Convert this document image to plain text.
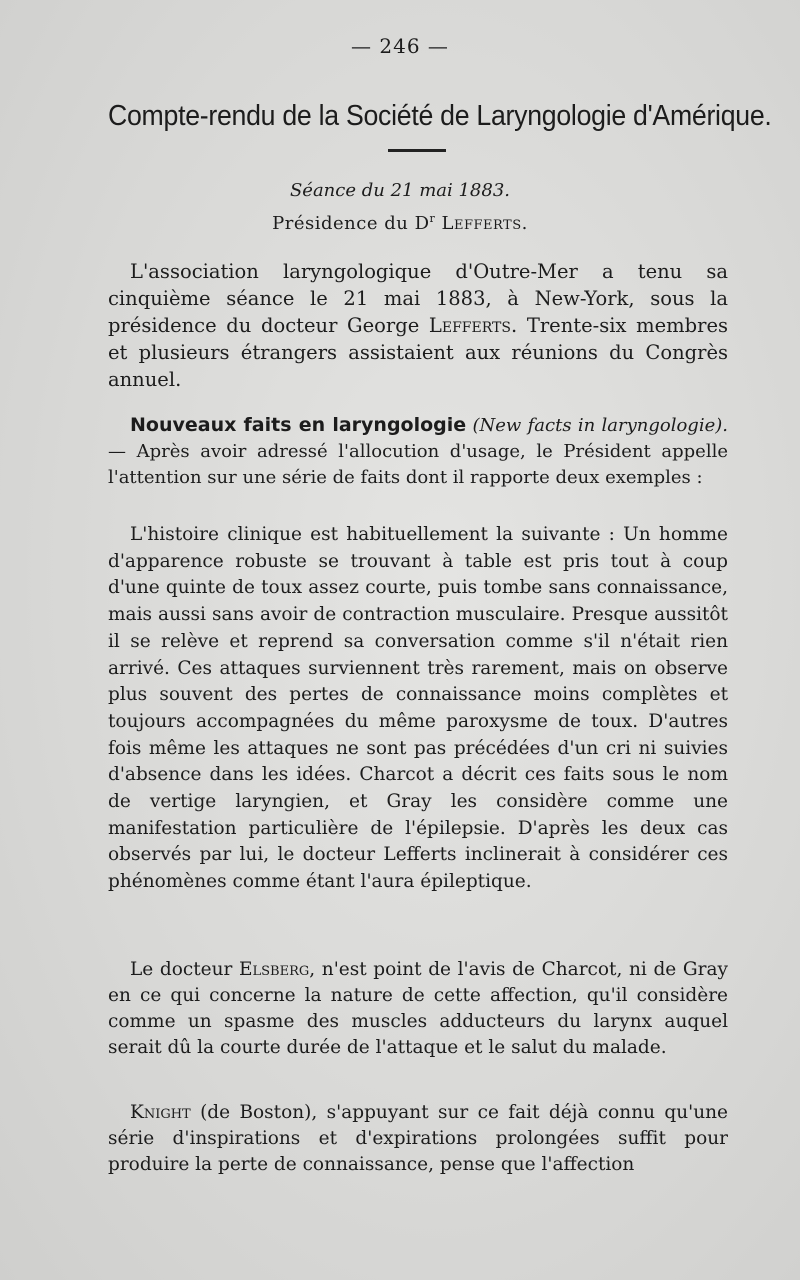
— 246 —
Compte-rendu de la Société de Laryngologie d'Amérique.
Séance du 21 mai 1883.
Présidence du $D^r$ Lefferts.
L'association laryngologique d'Outre-Mer a tenu sa cinquième séance le 21 mai 1883, à New-York, sous la présidence du docteur George Lefferts. Trente-six membres et plusieurs étrangers assistaient aux réunions du Congrès annuel.
Nouveaux faits en laryngologie (New facts in laryngologie). — Après avoir adressé l'allocution d'usage, le Président appelle l'attention sur une série de faits dont il rapporte deux exemples :
L'histoire clinique est habituellement la suivante : Un homme d'apparence robuste se trouvant à table est pris tout à coup d'une quinte de toux assez courte, puis tombe sans connaissance, mais aussi sans avoir de contraction musculaire. Presque aussitôt il se relève et reprend sa conversation comme s'il n'était rien arrivé. Ces attaques surviennent très rarement, mais on observe plus souvent des pertes de connaissance moins complètes et toujours accompagnées du même paroxysme de toux. D'autres fois même les attaques ne sont pas précédées d'un cri ni suivies d'absence dans les idées. Charcot a décrit ces faits sous le nom de vertige laryngien, et Gray les considère comme une manifestation particulière de l'épilepsie. D'après les deux cas observés par lui, le docteur Lefferts inclinerait à considérer ces phénomènes comme étant l'aura épileptique.
Le docteur Elsberg, n'est point de l'avis de Charcot, ni de Gray en ce qui concerne la nature de cette affection, qu'il considère comme un spasme des muscles adducteurs du larynx auquel serait dû la courte durée de l'attaque et le salut du malade.
Knight (de Boston), s'appuyant sur ce fait déjà connu qu'une série d'inspirations et d'expirations prolongées suffit pour produire la perte de connaissance, pense que l'affection
